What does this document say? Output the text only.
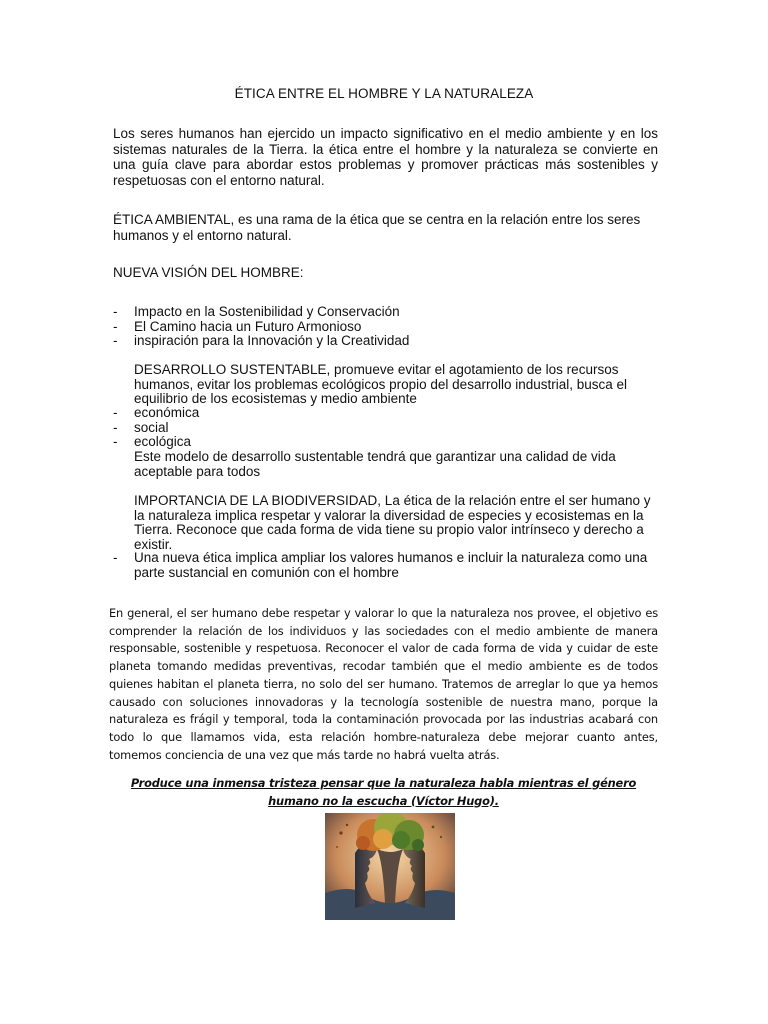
ÉTICA ENTRE EL HOMBRE Y LA NATURALEZA

Los seres humanos han ejercido un impacto significativo en el medio ambiente y en los sistemas naturales de la Tierra. la ética entre el hombre y la naturaleza se convierte en una guía clave para abordar estos problemas y promover prácticas más sostenibles y respetuosas con el entorno natural.

ÉTICA AMBIENTAL, es una rama de la ética que se centra en la relación entre los seres humanos y el entorno natural.

NUEVA VISIÓN DEL HOMBRE:

- Impacto en la Sostenibilidad y Conservación
- El Camino hacia un Futuro Armonioso
- inspiración para la Innovación y la Creatividad

DESARROLLO SUSTENTABLE, promueve evitar el agotamiento de los recursos humanos, evitar los problemas ecológicos propio del desarrollo industrial, busca el equilibrio de los ecosistemas y medio ambiente

- económica
- social
- ecológica

Este modelo de desarrollo sustentable tendrá que garantizar una calidad de vida aceptable para todos

IMPORTANCIA DE LA BIODIVERSIDAD, La ética de la relación entre el ser humano y la naturaleza implica respetar y valorar la diversidad de especies y ecosistemas en la Tierra. Reconoce que cada forma de vida tiene su propio valor intrínseco y derecho a existir.

- Una nueva ética implica ampliar los valores humanos e incluir la naturaleza como una parte sustancial en comunión con el hombre

En general, el ser humano debe respetar y valorar lo que la naturaleza nos provee, el objetivo es comprender la relación de los individuos y las sociedades con el medio ambiente de manera responsable, sostenible y respetuosa. Reconocer el valor de cada forma de vida y cuidar de este planeta tomando medidas preventivas, recodar también que el medio ambiente es de todos quienes habitan el planeta tierra, no solo del ser humano. Tratemos de arreglar lo que ya hemos causado con soluciones innovadoras y la tecnología sostenible de nuestra mano, porque la naturaleza es frágil y temporal, toda la contaminación provocada por las industrias acabará con todo lo que llamamos vida, esta relación hombre-naturaleza debe mejorar cuanto antes, tomemos conciencia de una vez que más tarde no habrá vuelta atrás.

Produce una inmensa tristeza pensar que la naturaleza habla mientras el género humano no la escucha (Víctor Hugo).
